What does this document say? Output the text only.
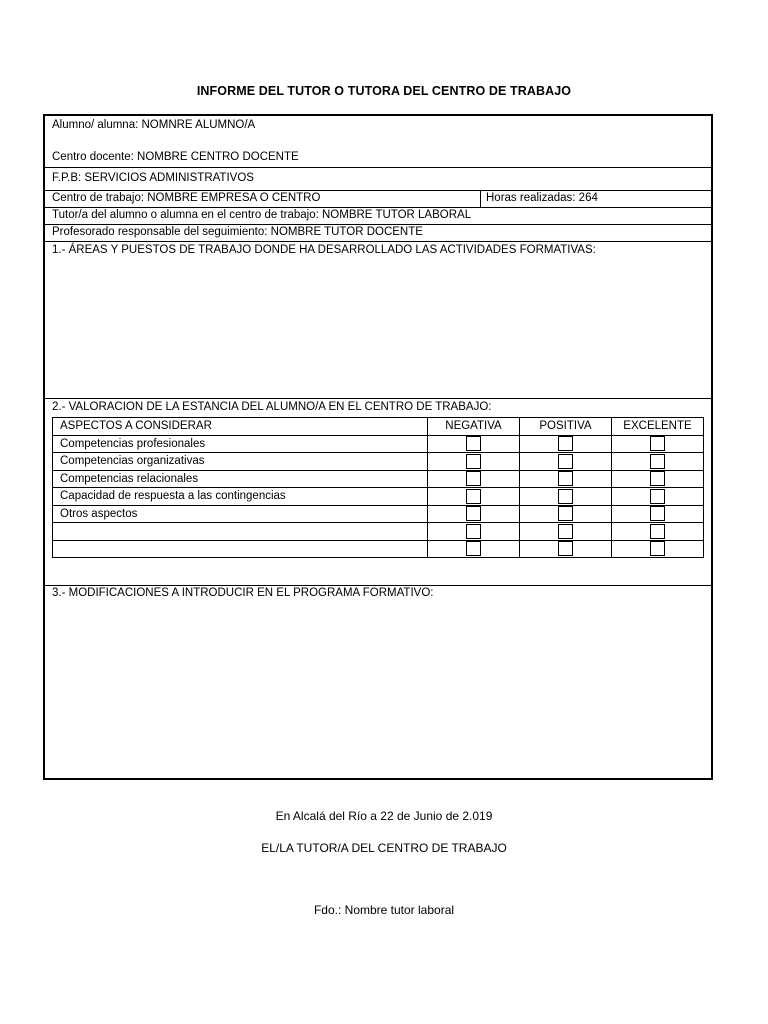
INFORME DEL TUTOR O TUTORA DEL CENTRO DE TRABAJO
Alumno/ alumna: NOMNRE ALUMNO/A
Centro docente: NOMBRE CENTRO DOCENTE
F.P.B: SERVICIOS ADMINISTRATIVOS
Centro de trabajo: NOMBRE EMPRESA O CENTRO	Horas realizadas: 264
Tutor/a del alumno o alumna en el centro de trabajo: NOMBRE TUTOR LABORAL
Profesorado responsable del seguimiento: NOMBRE TUTOR DOCENTE
1.- ÁREAS Y PUESTOS DE TRABAJO DONDE HA DESARROLLADO LAS ACTIVIDADES FORMATIVAS:
2.- VALORACION DE LA ESTANCIA DEL ALUMNO/A EN EL CENTRO DE TRABAJO:
ASPECTOS A CONSIDERAR	NEGATIVA	POSITIVA	EXCELENTE
Competencias profesionales			
Competencias organizativas			
Competencias relacionales			
Capacidad de respuesta a las contingencias			
Otros aspectos			

3.- MODIFICACIONES A INTRODUCIR EN EL PROGRAMA FORMATIVO:
En Alcalá del Río a 22 de Junio de 2.019
EL/LA TUTOR/A DEL CENTRO DE TRABAJO
Fdo.: Nombre tutor laboral
